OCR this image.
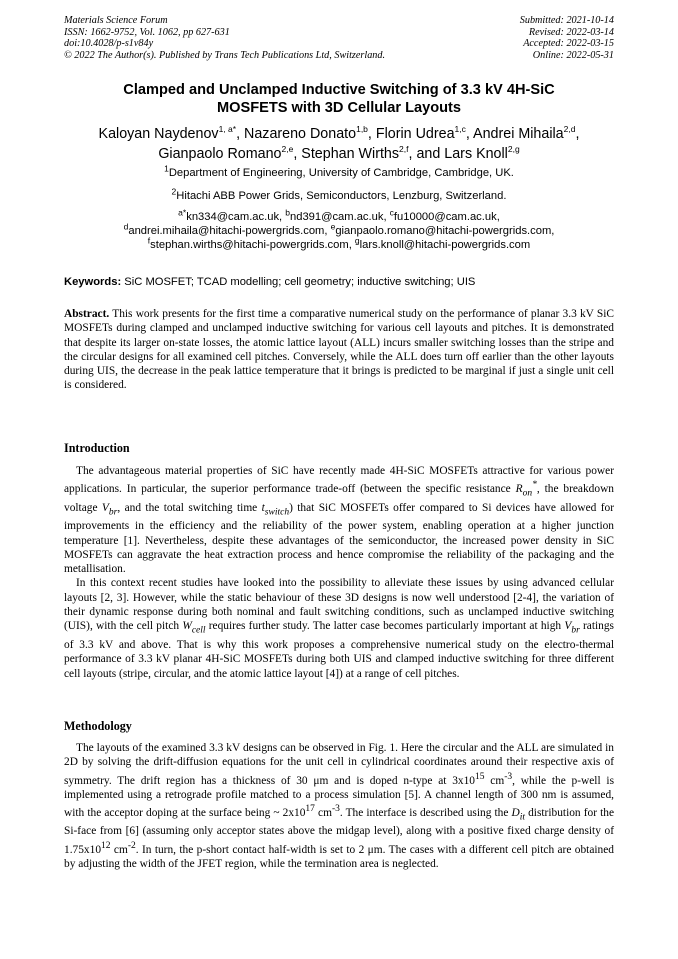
Materials Science Forum
ISSN: 1662-9752, Vol. 1062, pp 627-631
doi:10.4028/p-s1v84y
© 2022 The Author(s). Published by Trans Tech Publications Ltd, Switzerland.
Submitted: 2021-10-14
Revised: 2022-03-14
Accepted: 2022-03-15
Online: 2022-05-31
Clamped and Unclamped Inductive Switching of 3.3 kV 4H-SiC
MOSFETS with 3D Cellular Layouts
Kaloyan Naydenov$^{1, a*}$, Nazareno Donato$^{1,b}$, Florin Udrea$^{1,c}$, Andrei Mihaila$^{2,d}$,
Gianpaolo Romano$^{2,e}$, Stephan Wirths$^{2,f}$, and Lars Knoll$^{2,g}$
$^1$Department of Engineering, University of Cambridge, Cambridge, UK.
$^2$Hitachi ABB Power Grids, Semiconductors, Lenzburg, Switzerland.
$^{a*}$kn334@cam.ac.uk, $^b$nd391@cam.ac.uk, $^c$fu10000@cam.ac.uk,
$^d$andrei.mihaila@hitachi-powergrids.com, $^e$gianpaolo.romano@hitachi-powergrids.com,
$^f$stephan.wirths@hitachi-powergrids.com, $^g$lars.knoll@hitachi-powergrids.com
Keywords: SiC MOSFET; TCAD modelling; cell geometry; inductive switching; UIS

Abstract. This work presents for the first time a comparative numerical study on the performance of planar 3.3 kV SiC MOSFETs during clamped and unclamped inductive switching for various cell layouts and pitches. It is demonstrated that despite its larger on-state losses, the atomic lattice layout (ALL) incurs smaller switching losses than the stripe and the circular designs for all examined cell pitches. Conversely, while the ALL does turn off earlier than the other layouts during UIS, the decrease in the peak lattice temperature that it brings is predicted to be marginal if just a single unit cell is considered.

Introduction

The advantageous material properties of SiC have recently made 4H-SiC MOSFETs attractive for various power applications. In particular, the superior performance trade-off (between the specific resistance $R_{on}^*$, the breakdown voltage $V_{br}$, and the total switching time $t_{switch}$) that SiC MOSFETs offer compared to Si devices have allowed for improvements in the efficiency and the reliability of the power system, enabling operation at a higher junction temperature [1]. Nevertheless, despite these advantages of the semiconductor, the increased power density in SiC MOSFETs can aggravate the heat extraction process and hence compromise the reliability of the packaging and the metallisation.

In this context recent studies have looked into the possibility to alleviate these issues by using advanced cellular layouts [2, 3]. However, while the static behaviour of these 3D designs is now well understood [2-4], the variation of their dynamic response during both nominal and fault switching conditions, such as unclamped inductive switching (UIS), with the cell pitch $W_{cell}$ requires further study. The latter case becomes particularly important at high $V_{br}$ ratings of 3.3 kV and above. That is why this work proposes a comprehensive numerical study on the electro-thermal performance of 3.3 kV planar 4H-SiC MOSFETs during both UIS and clamped inductive switching for three different cell layouts (stripe, circular, and the atomic lattice layout [4]) at a range of cell pitches.

Methodology

The layouts of the examined 3.3 kV designs can be observed in Fig. 1. Here the circular and the ALL are simulated in 2D by solving the drift-diffusion equations for the unit cell in cylindrical coordinates around their respective axis of symmetry. The drift region has a thickness of 30 μm and is doped n-type at $3x10^{15}$ $cm^{-3}$, while the p-well is implemented using a retrograde profile matched to a process simulation [5]. A channel length of 300 nm is assumed, with the acceptor doping at the surface being ~ $2x10^{17}$ $cm^{-3}$. The interface is described using the $D_{it}$ distribution for the Si-face from [6] (assuming only acceptor states above the midgap level), along with a positive fixed charge density of $1.75x10^{12}$ $cm^{-2}$. In turn, the p-short contact half-width is set to 2 μm. The cases with a different cell pitch are obtained by adjusting the width of the JFET region, while the termination area is neglected.
